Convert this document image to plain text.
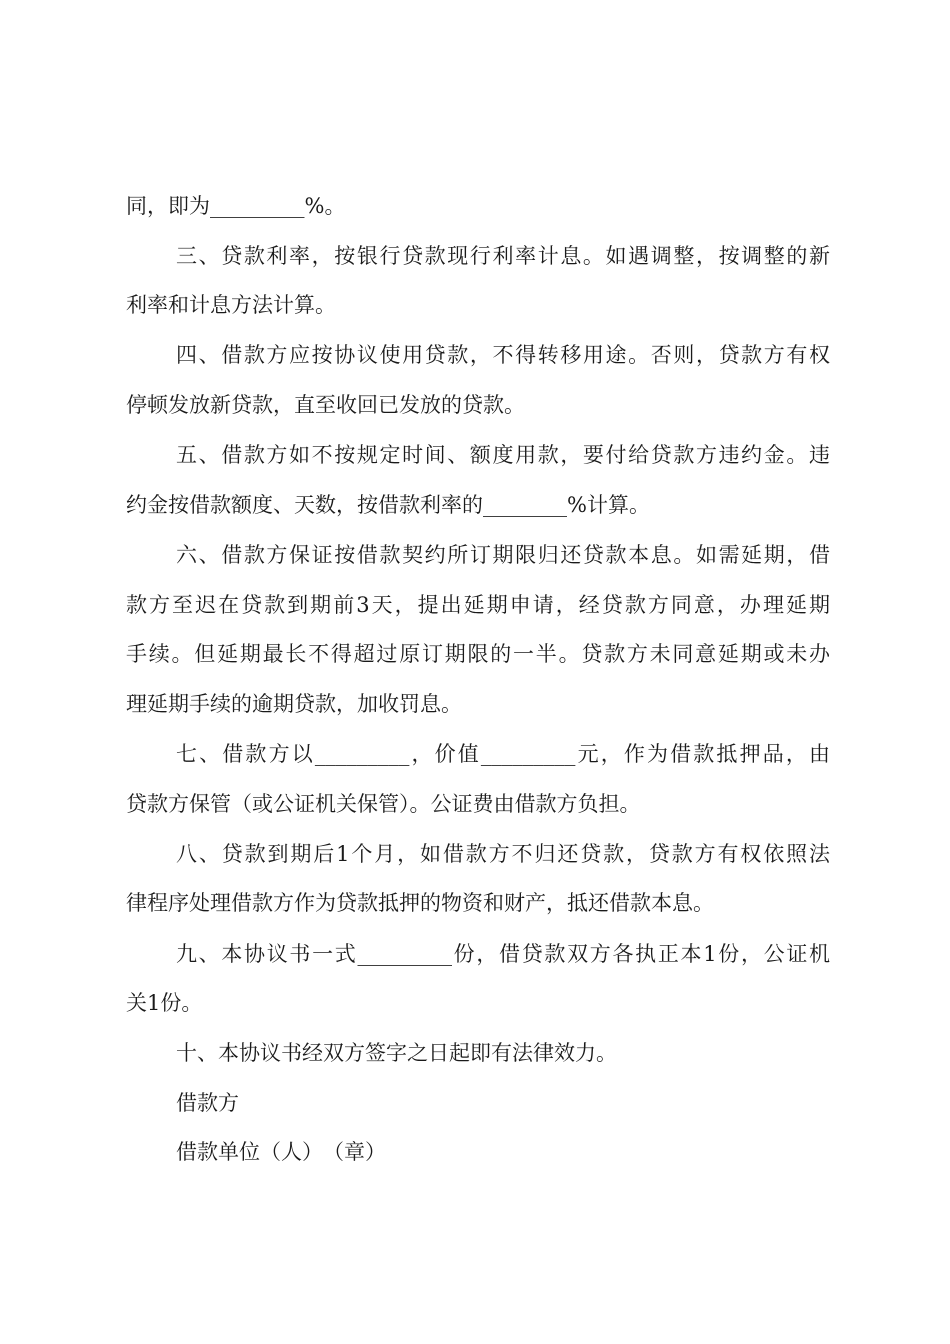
同，即为_________%。
三、贷款利率，按银行贷款现行利率计息。如遇调整，按调整的新
利率和计息方法计算。
四、借款方应按协议使用贷款，不得转移用途。否则，贷款方有权
停顿发放新贷款，直至收回已发放的贷款。
五、借款方如不按规定时间、额度用款，要付给贷款方违约金。违
约金按借款额度、天数，按借款利率的________%计算。
六、借款方保证按借款契约所订期限归还贷款本息。如需延期，借
款方至迟在贷款到期前3天，提出延期申请，经贷款方同意，办理延期
手续。但延期最长不得超过原订期限的一半。贷款方未同意延期或未办
理延期手续的逾期贷款，加收罚息。
七、借款方以_________，价值_________元，作为借款抵押品，由
贷款方保管（或公证机关保管）。公证费由借款方负担。
八、贷款到期后1个月，如借款方不归还贷款，贷款方有权依照法
律程序处理借款方作为贷款抵押的物资和财产，抵还借款本息。
九、本协议书一式_________份，借贷款双方各执正本1份，公证机
关1份。
十、本协议书经双方签字之日起即有法律效力。
借款方
借款单位（人）　（章）
